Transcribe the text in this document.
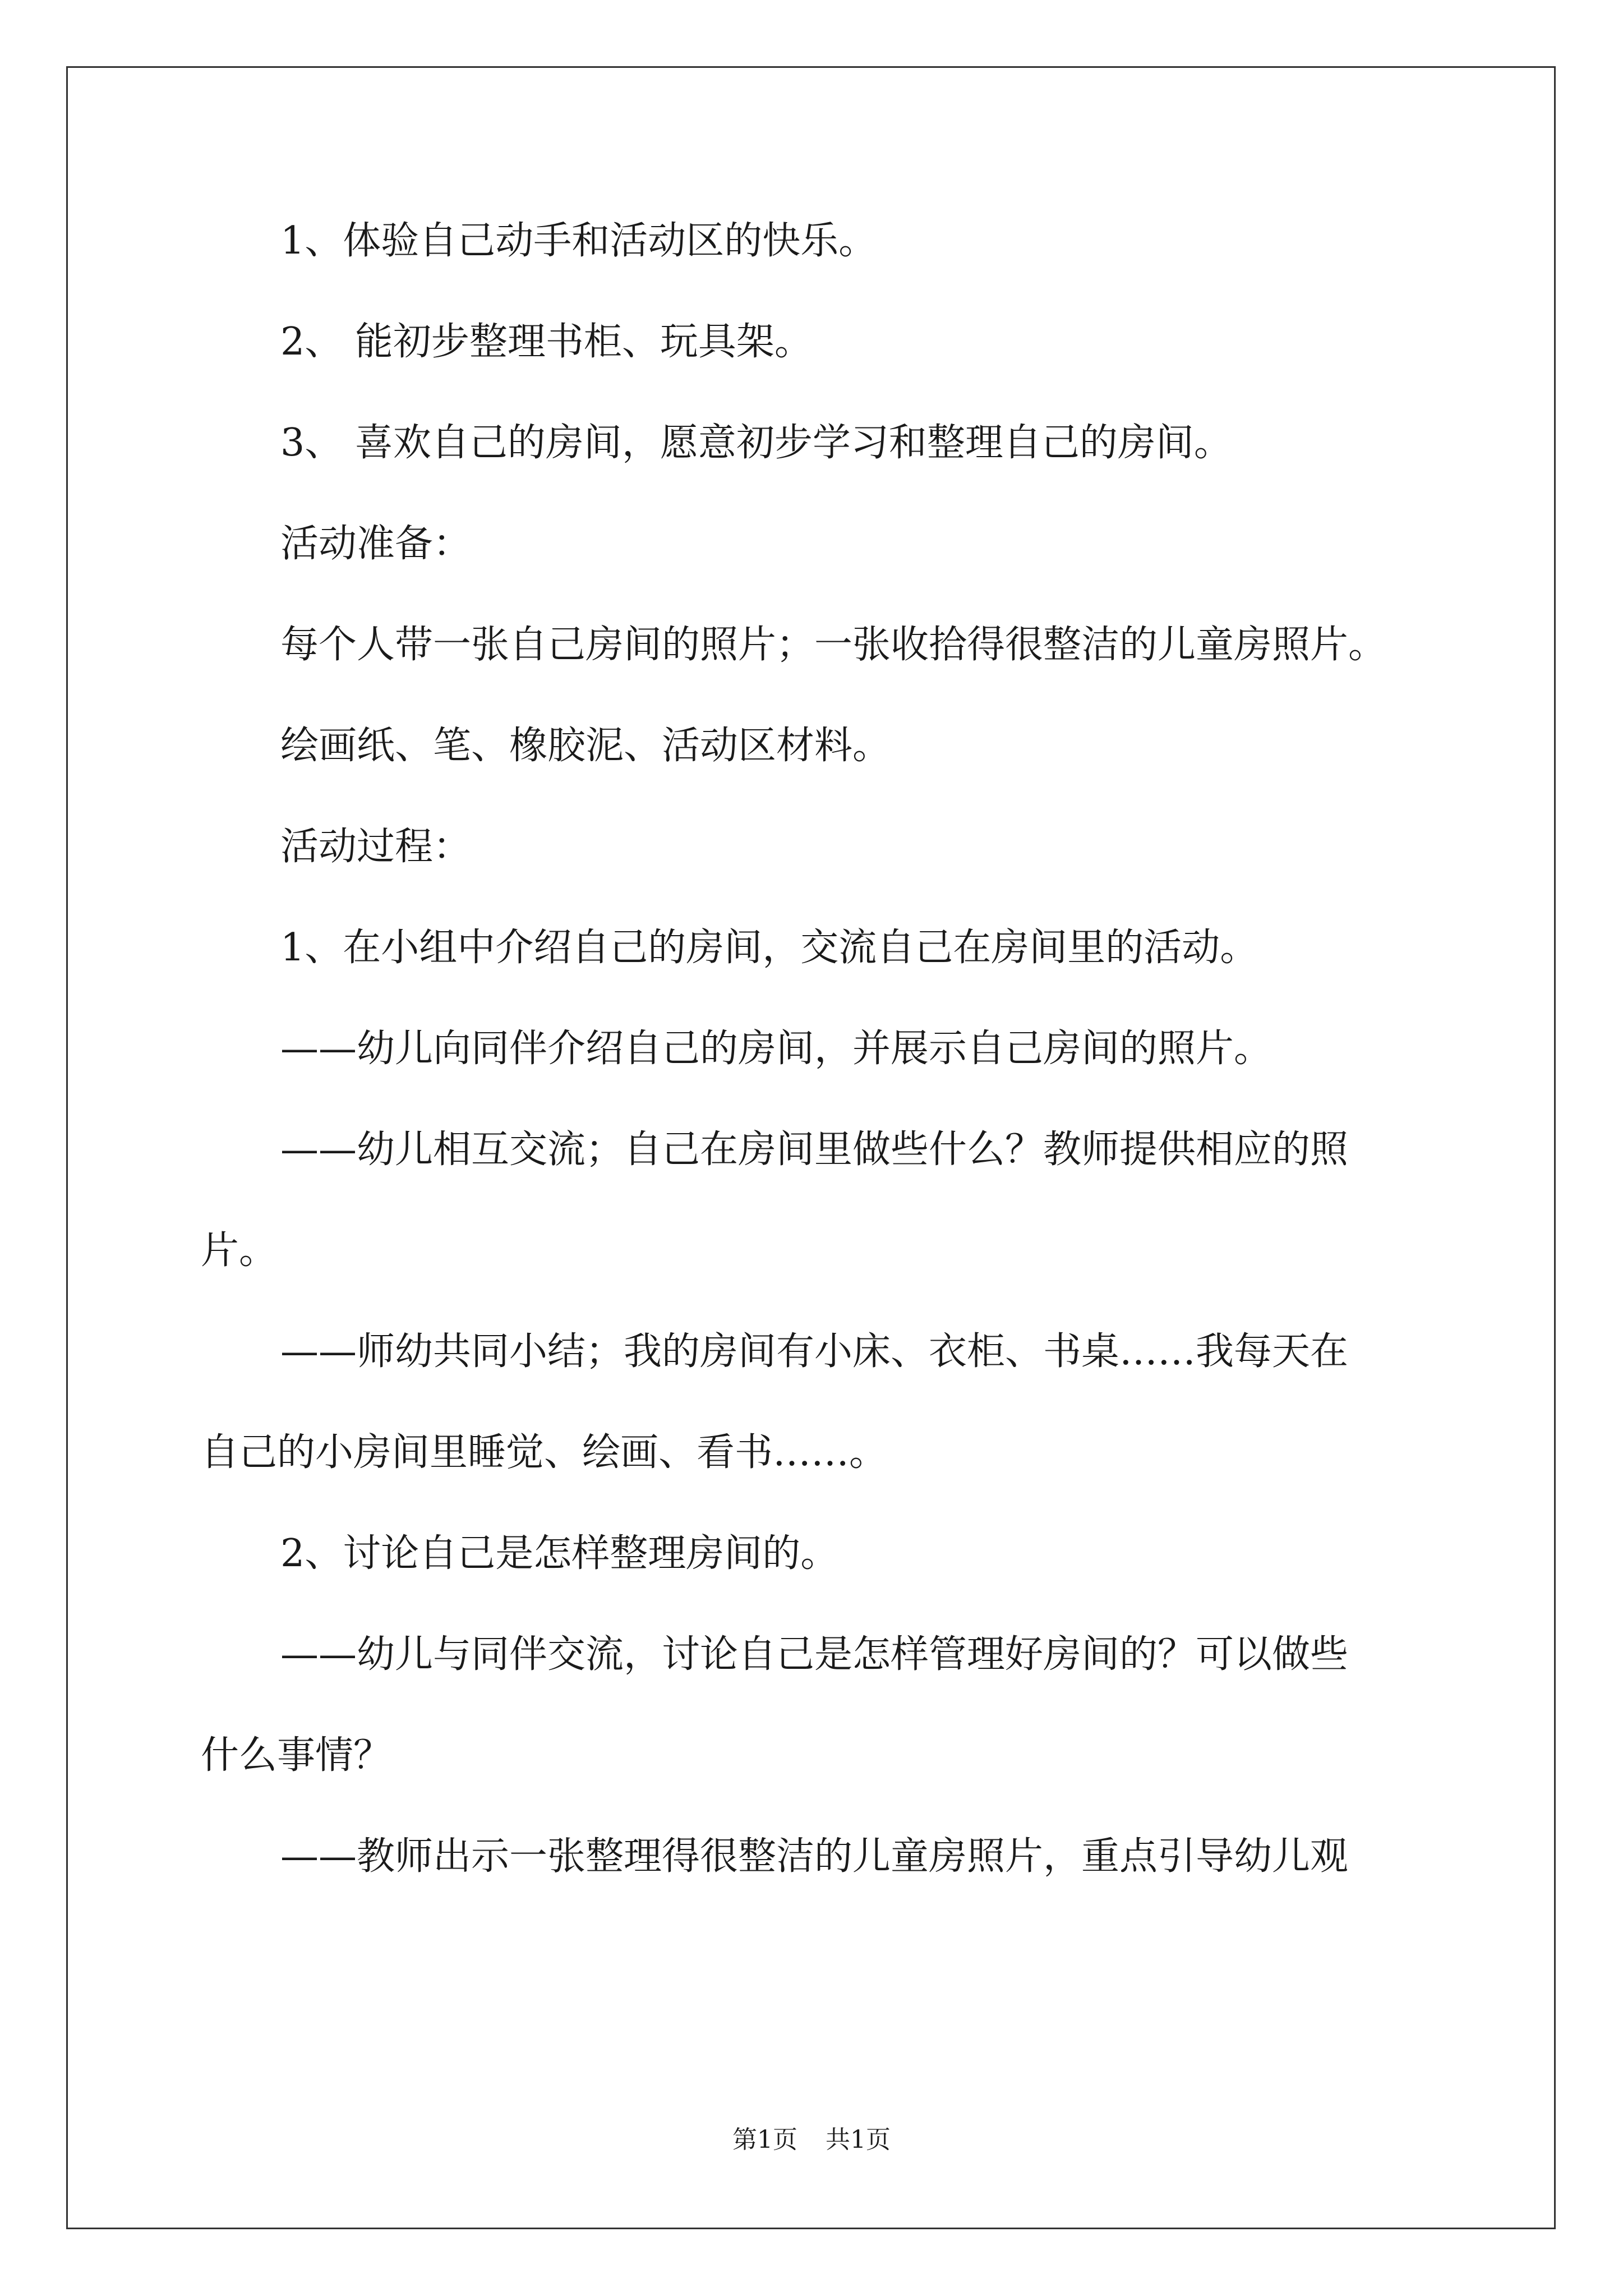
1、体验自己动手和活动区的快乐。

2、 能初步整理书柜、玩具架。

3、 喜欢自己的房间，愿意初步学习和整理自己的房间。

活动准备：

每个人带一张自己房间的照片；一张收拾得很整洁的儿童房照片。

绘画纸、笔、橡胶泥、活动区材料。

活动过程：

1、在小组中介绍自己的房间，交流自己在房间里的活动。

——幼儿向同伴介绍自己的房间，并展示自己房间的照片。

——幼儿相互交流；自己在房间里做些什么？教师提供相应的照

片。

——师幼共同小结；我的房间有小床、衣柜、书桌……我每天在

自己的小房间里睡觉、绘画、看书……。

2、讨论自己是怎样整理房间的。

——幼儿与同伴交流，讨论自己是怎样管理好房间的？可以做些

什么事情？

——教师出示一张整理得很整洁的儿童房照片，重点引导幼儿观

第1页 共1页
